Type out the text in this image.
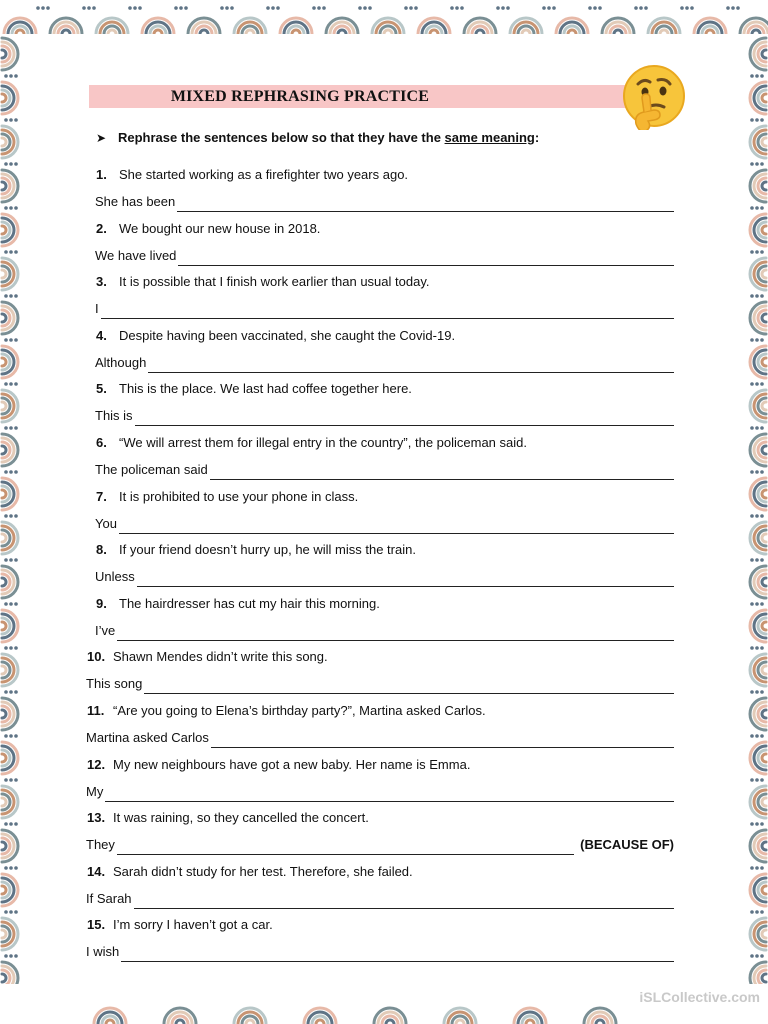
MIXED REPHRASING PRACTICE
➤ Rephrase the sentences below so that they have the same meaning:
1. She started working as a firefighter two years ago.
She has been
2. We bought our new house in 2018.
We have lived
3. It is possible that I finish work earlier than usual today.
I
4. Despite having been vaccinated, she caught the Covid-19.
Although
5. This is the place. We last had coffee together here.
This is
6. “We will arrest them for illegal entry in the country”, the policeman said.
The policeman said
7. It is prohibited to use your phone in class.
You
8. If your friend doesn’t hurry up, he will miss the train.
Unless
9. The hairdresser has cut my hair this morning.
I’ve
10. Shawn Mendes didn’t write this song.
This song
11. “Are you going to Elena’s birthday party?”, Martina asked Carlos.
Martina asked Carlos
12. My new neighbours have got a new baby. Her name is Emma.
My
13. It was raining, so they cancelled the concert.
They	(BECAUSE OF)
14. Sarah didn’t study for her test. Therefore, she failed.
If Sarah
15. I’m sorry I haven’t got a car.
I wish
iSLCollective.com
